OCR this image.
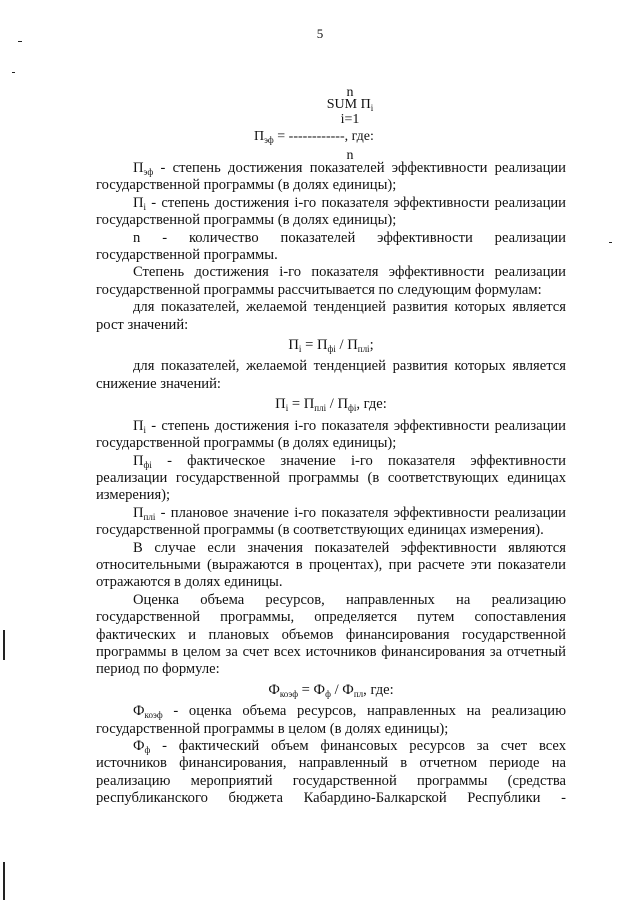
5
n
SUM $П_i$
i=1
$П_{эф}$ = ------------, где:
n

$П_{эф}$ - степень достижения показателей эффективности реализации государственной программы (в долях единицы);

$П_i$ - степень достижения i-го показателя эффективности реализации государственной программы (в долях единицы);

n - количество показателей эффективности реализации государственной программы.

Степень достижения i-го показателя эффективности реализации государственной программы рассчитывается по следующим формулам:

для показателей, желаемой тенденцией развития которых является рост значений:

$П_i = П_{фi} / П_{плi}$;

для показателей, желаемой тенденцией развития которых является снижение значений:

$П_i = П_{плi} / П_{фi}$, где:

$П_i$ - степень достижения i-го показателя эффективности реализации государственной программы (в долях единицы);

$П_{фi}$ - фактическое значение i-го показателя эффективности реализации государственной программы (в соответствующих единицах измерения);

$П_{плi}$ - плановое значение i-го показателя эффективности реализации государственной программы (в соответствующих единицах измерения).

В случае если значения показателей эффективности являются относительными (выражаются в процентах), при расчете эти показатели отражаются в долях единицы.

Оценка объема ресурсов, направленных на реализацию государственной программы, определяется путем сопоставления фактических и плановых объемов финансирования государственной программы в целом за счет всех источников финансирования за отчетный период по формуле:

$Ф_{коэф} = Ф_ф / Ф_{пл}$, где:

$Ф_{коэф}$ - оценка объема ресурсов, направленных на реализацию государственной программы в целом (в долях единицы);

$Ф_ф$ - фактический объем финансовых ресурсов за счет всех источников финансирования, направленный в отчетном периоде на реализацию мероприятий государственной программы (средства республиканского бюджета Кабардино-Балкарской Республики -
